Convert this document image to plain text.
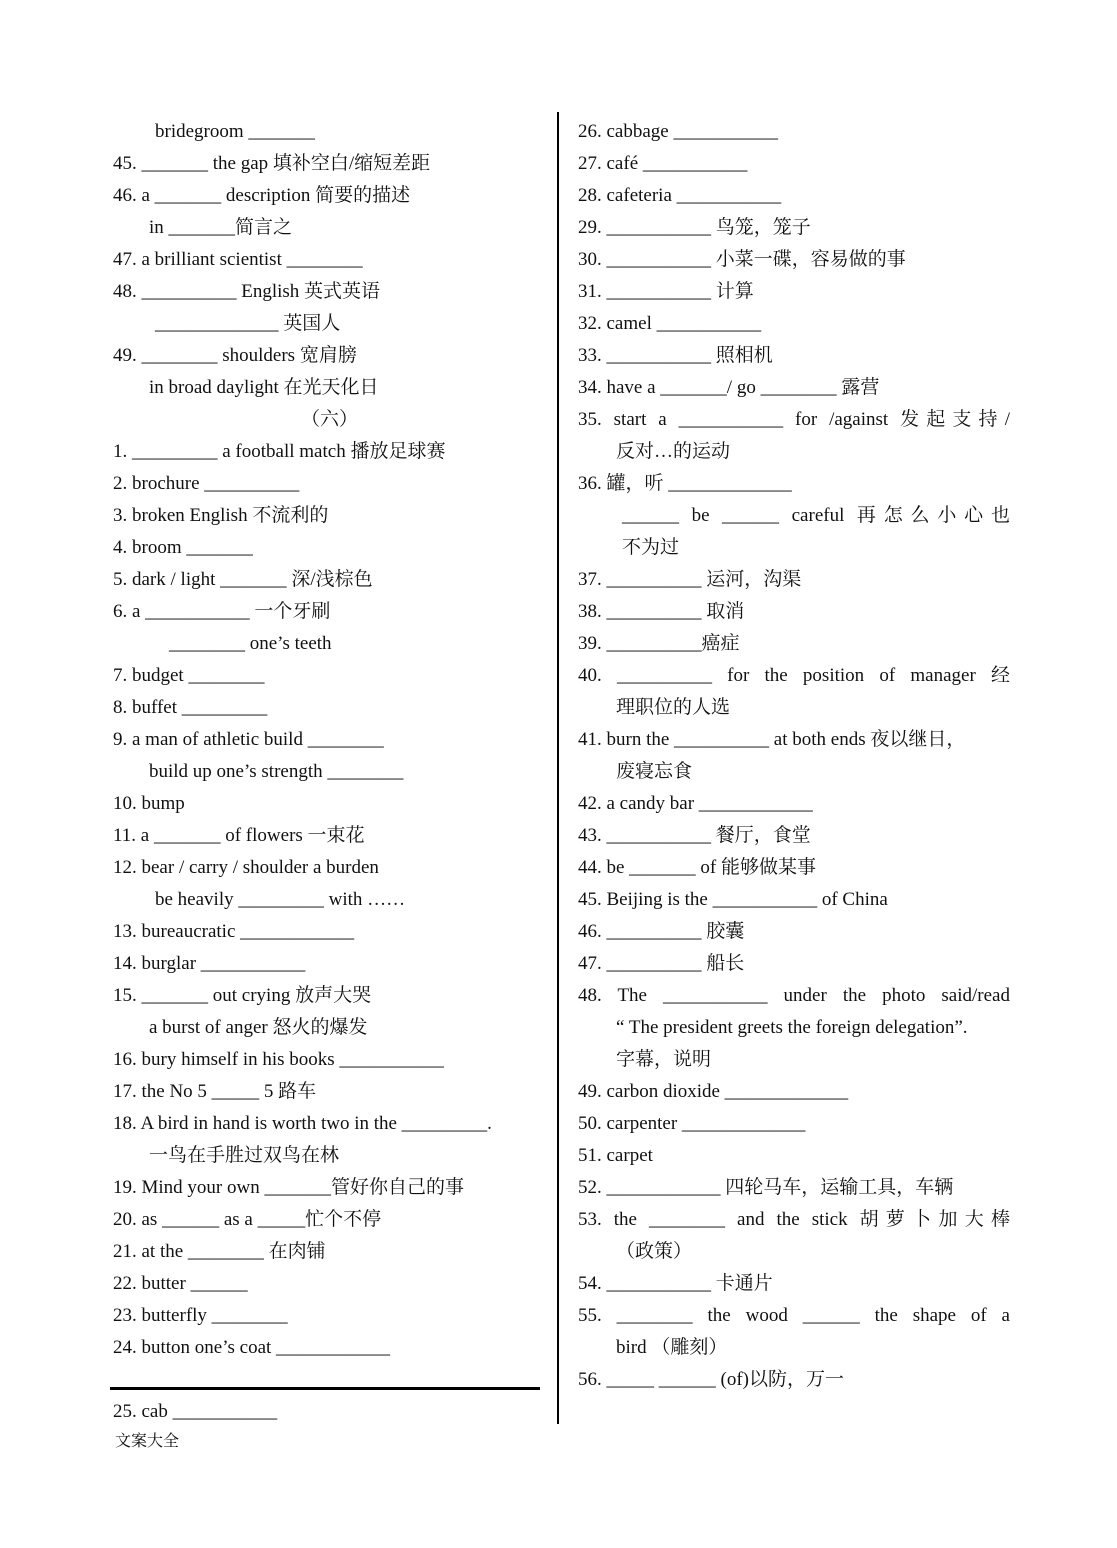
bridegroom _______
45. _______ the gap 填补空白/缩短差距
46. a _______ description 简要的描述
in _______简言之
47. a brilliant scientist ________
48. __________ English 英式英语
_____________ 英国人
49. ________ shoulders 宽肩膀
in broad daylight 在光天化日
（六）
1. _________ a football match 播放足球赛
2. brochure __________
3. broken English 不流利的
4. broom _______
5. dark / light _______ 深/浅棕色
6. a ___________ 一个牙刷
________ one’s teeth
7. budget ________
8. buffet _________
9. a man of athletic build ________
build up one’s strength ________
10. bump
11. a _______ of flowers 一束花
12. bear / carry / shoulder a burden
be heavily _________ with ……
13. bureaucratic ____________
14. burglar ___________
15. _______ out crying 放声大哭
a burst of anger 怒火的爆发
16. bury himself in his books ___________
17. the No 5 _____ 5 路车
18. A bird in hand is worth two in the _________.
一鸟在手胜过双鸟在林
19. Mind your own _______管好你自己的事
20. as ______ as a _____忙个不停
21. at the ________ 在肉铺
22. butter ______
23. butterfly ________
24. button one’s coat ____________
25. cab ___________
26. cabbage ___________
27. café ___________
28. cafeteria ___________
29. ___________ 鸟笼，笼子
30. ___________ 小菜一碟，容易做的事
31. ___________ 计算
32. camel ___________
33. ___________ 照相机
34. have a _______/ go ________ 露营
35. start a ___________ for /against 发起支持/
反对…的运动
36. 罐，听 _____________
______ be ______ careful 再怎么小心也
不为过
37. __________ 运河，沟渠
38. __________ 取消
39. __________癌症
40. __________ for the position of manager 经
理职位的人选
41. burn the __________ at both ends 夜以继日，
废寝忘食
42. a candy bar ____________
43. ___________ 餐厅，食堂
44. be _______ of 能够做某事
45. Beijing is the ___________ of China
46. __________ 胶囊
47. __________ 船长
48. The ___________ under the photo said/read
“ The president greets the foreign delegation”.
字幕，说明
49. carbon dioxide _____________
50. carpenter _____________
51. carpet
52. ____________ 四轮马车，运输工具，车辆
53. the ________ and the stick 胡萝卜加大棒
（政策）
54. ___________ 卡通片
55. ________ the wood ______ the shape of a
bird （雕刻）
56. _____ ______ (of)以防，万一
文案大全
